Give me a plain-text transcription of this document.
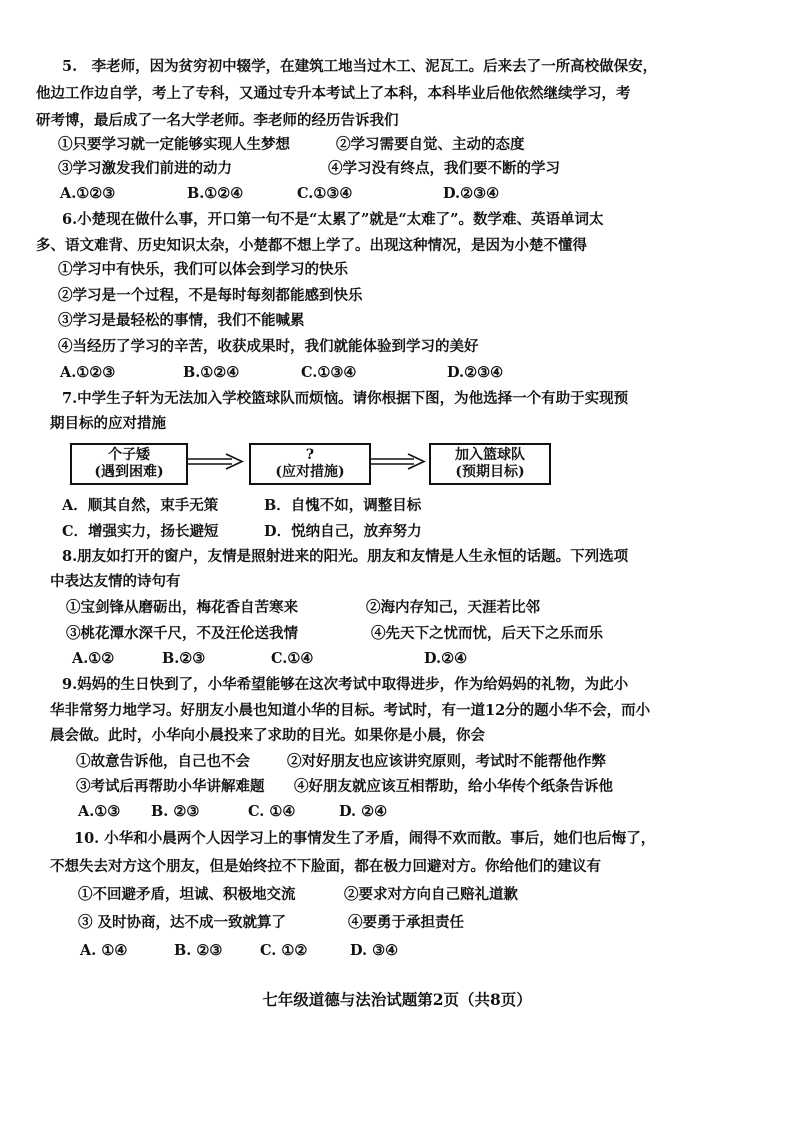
5.　李老师，因为贫穷初中辍学，在建筑工地当过木工、泥瓦工。后来去了一所高校做保安，
他边工作边自学，考上了专科，又通过专升本考试上了本科，本科毕业后他依然继续学习，考
研考博，最后成了一名大学老师。李老师的经历告诉我们
①只要学习就一定能够实现人生梦想	②学习需要自觉、主动的态度
③学习激发我们前进的动力	④学习没有终点，我们要不断的学习
A.①②③	B.①②④	C.①③④	D.②③④
6.小楚现在做什么事，开口第一句不是“太累了”就是“太难了”。数学难、英语单词太
多、语文难背、历史知识太杂，小楚都不想上学了。出现这种情况，是因为小楚不懂得
①学习中有快乐，我们可以体会到学习的快乐
②学习是一个过程，不是每时每刻都能感到快乐
③学习是最轻松的事情，我们不能喊累
④当经历了学习的辛苦，收获成果时，我们就能体验到学习的美好
A.①②③	B.①②④	C.①③④	D.②③④
7.中学生子轩为无法加入学校篮球队而烦恼。请你根据下图，为他选择一个有助于实现预
期目标的应对措施
个子矮
(遇到困难)
?
(应对措施)
加入篮球队
(预期目标)
A．顺其自然，束手无策	B．自愧不如，调整目标
C．增强实力，扬长避短	D．悦纳自己，放弃努力
8.朋友如打开的窗户，友情是照射进来的阳光。朋友和友情是人生永恒的话题。下列选项
中表达友情的诗句有
①宝剑锋从磨砺出，梅花香自苦寒来	②海内存知己，天涯若比邻
③桃花潭水深千尺，不及汪伦送我情	④先天下之忧而忧，后天下之乐而乐
A.①②	B.②③	C.①④	D.②④
9.妈妈的生日快到了，小华希望能够在这次考试中取得进步，作为给妈妈的礼物，为此小
华非常努力地学习。好朋友小晨也知道小华的目标。考试时，有一道12分的题小华不会，而小
晨会做。此时，小华向小晨投来了求助的目光。如果你是小晨，你会
①故意告诉他，自己也不会	②对好朋友也应该讲究原则，考试时不能帮他作弊
③考试后再帮助小华讲解难题 ④好朋友就应该互相帮助，给小华传个纸条告诉他
A.①③ B. ②③	C. ①④	D. ②④
10. 小华和小晨两个人因学习上的事情发生了矛盾，闹得不欢而散。事后，她们也后悔了，
不想失去对方这个朋友，但是始终拉不下脸面，都在极力回避对方。你给他们的建议有
①不回避矛盾，坦诚、积极地交流	②要求对方向自己赔礼道歉
③ 及时协商，达不成一致就算了	④要勇于承担责任
A. ①④	B. ②③	C. ①②	D. ③④
七年级道德与法治试题第2页（共8页）
